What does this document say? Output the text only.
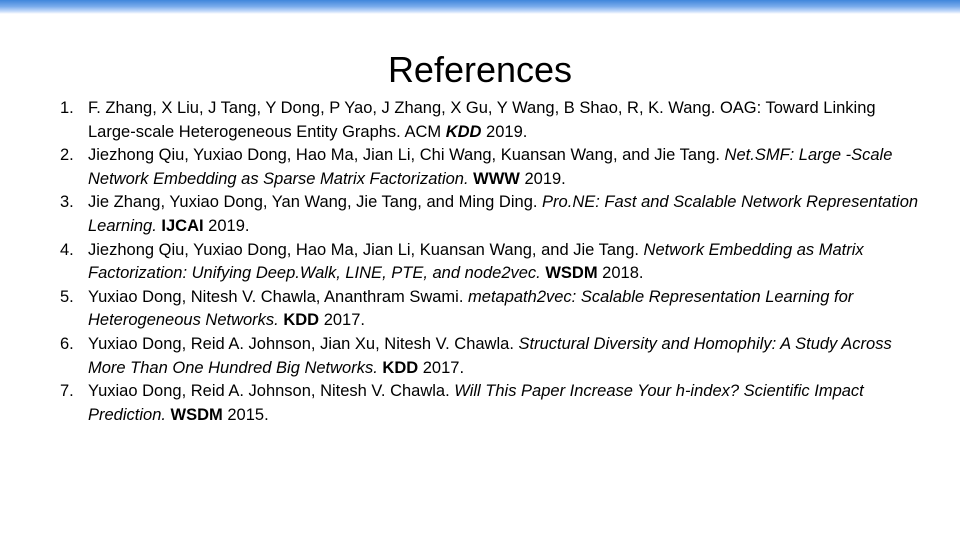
References
1. F. Zhang, X Liu, J Tang, Y Dong, P Yao, J Zhang, X Gu, Y Wang, B Shao, R, K. Wang. OAG: Toward Linking Large-scale Heterogeneous Entity Graphs. ACM KDD 2019.
2. Jiezhong Qiu, Yuxiao Dong, Hao Ma, Jian Li, Chi Wang, Kuansan Wang, and Jie Tang. Net.SMF: Large -Scale Network Embedding as Sparse Matrix Factorization. WWW 2019.
3. Jie Zhang, Yuxiao Dong, Yan Wang, Jie Tang, and Ming Ding. Pro.NE: Fast and Scalable Network Representation Learning. IJCAI 2019.
4. Jiezhong Qiu, Yuxiao Dong, Hao Ma, Jian Li, Kuansan Wang, and Jie Tang. Network Embedding as Matrix Factorization: Unifying Deep.Walk, LINE, PTE, and node2vec. WSDM 2018.
5. Yuxiao Dong, Nitesh V. Chawla, Ananthram Swami. metapath2vec: Scalable Representation Learning for Heterogeneous Networks. KDD 2017.
6. Yuxiao Dong, Reid A. Johnson, Jian Xu, Nitesh V. Chawla. Structural Diversity and Homophily: A Study Across More Than One Hundred Big Networks. KDD 2017.
7. Yuxiao Dong, Reid A. Johnson, Nitesh V. Chawla. Will This Paper Increase Your h-index? Scientific Impact Prediction. WSDM 2015.
